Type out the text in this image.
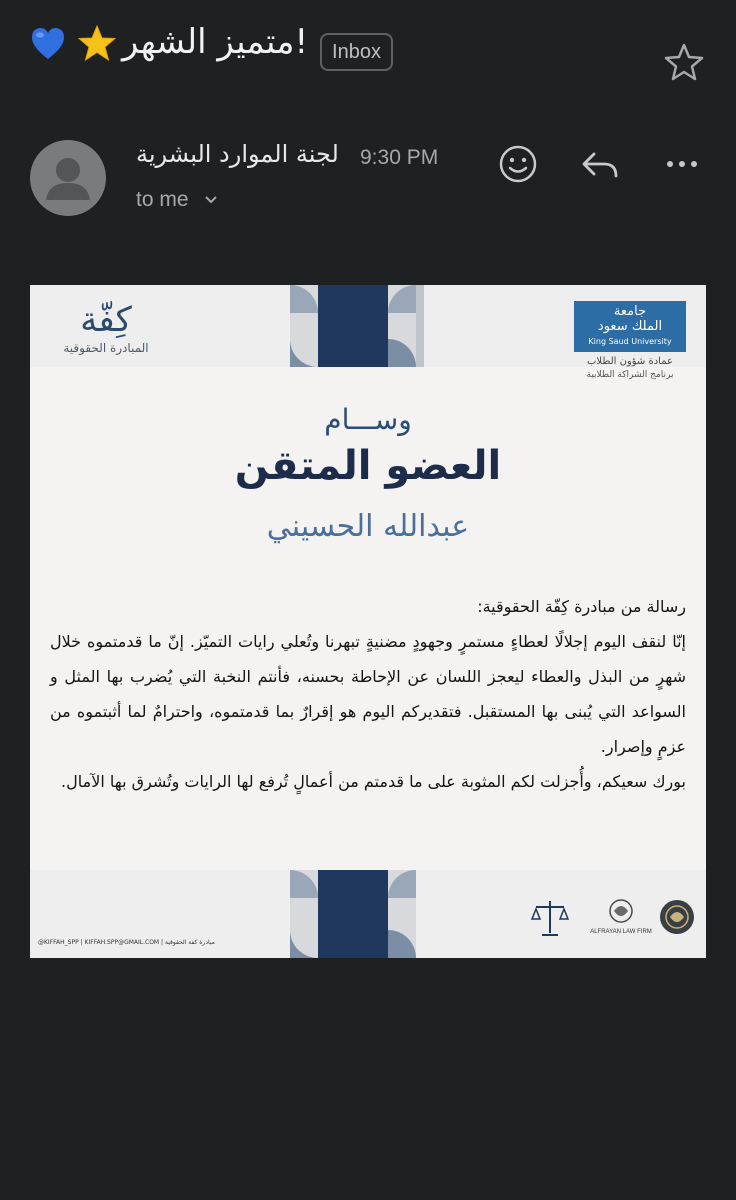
متميز الشهر!	Inbox
لجنة الموارد البشرية 9:30 PM
to me
كِفّة
المبادرة الحقوقية
جامعة
الملك سعود
King Saud University
عمادة شؤون الطلاب
برنامج الشراكة الطلابية
وســـام
العضو المتقن
عبدالله الحسيني

رسالة من مبادرة كِفّة الحقوقية:

إنّا لنقف اليوم إجلالًا لعطاءٍ مستمرٍ وجهودٍ مضنيةٍ تبهرنا وتُعلي رايات التميّز. إنّ ما قدمتموه خلال شهرٍ من البذل والعطاء ليعجز اللسان عن الإحاطة بحسنه، فأنتم النخبة التي يُضرب بها المثل و السواعد التي يُبنى بها المستقبل. فتقديركم اليوم هو إقرارٌ بما قدمتموه، واحترامٌ لما أثبتموه من عزمٍ وإصرار.

بورك سعيكم، وأُجزلت لكم المثوبة على ما قدمتم من أعمالٍ تُرفع لها الرايات وتُشرق بها الآمال.

ALFRAYAN LAW FIRM
@KIFFAH_SPP | KIFFAH.SPP@GMAIL.COM | مبادرة كفة الحقوقية
